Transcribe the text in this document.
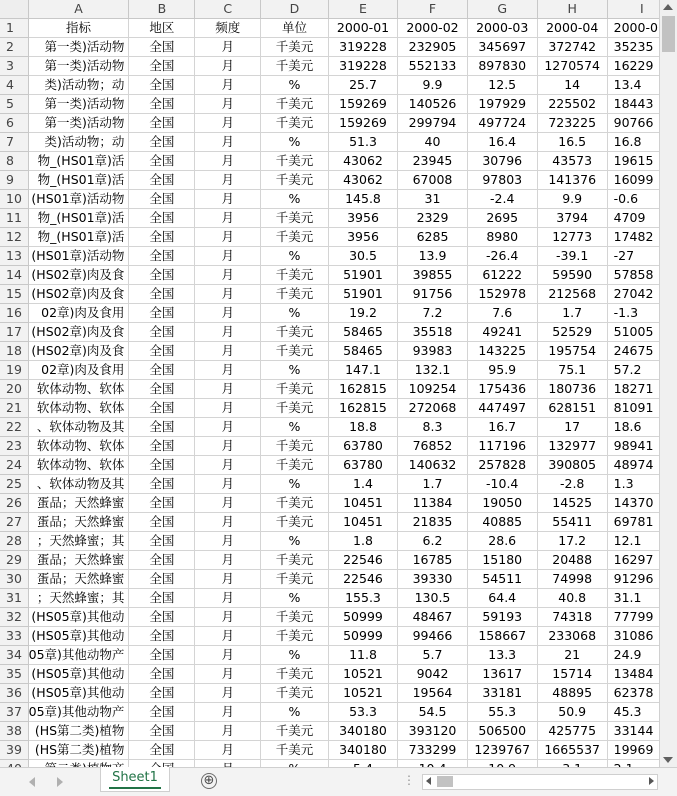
	A	B	C	D	E	F	G	H	I
1	指标	地区	频度	单位	2000-01	2000-02	2000-03	2000-04	2000-0
2	第一类)活动物	全国	月	千美元	319228	232905	345697	372742	35235
3	第一类)活动物	全国	月	千美元	319228	552133	897830	1270574	16229
4	类)活动物；动	全国	月	%	25.7	9.9	12.5	14	13.4
5	第一类)活动物	全国	月	千美元	159269	140526	197929	225502	18443
6	第一类)活动物	全国	月	千美元	159269	299794	497724	723225	90766
7	类)活动物；动	全国	月	%	51.3	40	16.4	16.5	16.8
8	物_(HS01章)活	全国	月	千美元	43062	23945	30796	43573	19615
9	物_(HS01章)活	全国	月	千美元	43062	67008	97803	141376	16099
10	(HS01章)活动物	全国	月	%	145.8	31	-2.4	9.9	-0.6
11	物_(HS01章)活	全国	月	千美元	3956	2329	2695	3794	4709
12	物_(HS01章)活	全国	月	千美元	3956	6285	8980	12773	17482
13	(HS01章)活动物	全国	月	%	30.5	13.9	-26.4	-39.1	-27
14	(HS02章)肉及食	全国	月	千美元	51901	39855	61222	59590	57858
15	(HS02章)肉及食	全国	月	千美元	51901	91756	152978	212568	27042
16	02章)肉及食用	全国	月	%	19.2	7.2	7.6	1.7	-1.3
17	(HS02章)肉及食	全国	月	千美元	58465	35518	49241	52529	51005
18	(HS02章)肉及食	全国	月	千美元	58465	93983	143225	195754	24675
19	02章)肉及食用	全国	月	%	147.1	132.1	95.9	75.1	57.2
20	软体动物、软体	全国	月	千美元	162815	109254	175436	180736	18271
21	软体动物、软体	全国	月	千美元	162815	272068	447497	628151	81091
22	、软体动物及其	全国	月	%	18.8	8.3	16.7	17	18.6
23	软体动物、软体	全国	月	千美元	63780	76852	117196	132977	98941
24	软体动物、软体	全国	月	千美元	63780	140632	257828	390805	48974
25	、软体动物及其	全国	月	%	1.4	1.7	-10.4	-2.8	1.3
26	蛋品；天然蜂蜜	全国	月	千美元	10451	11384	19050	14525	14370
27	蛋品；天然蜂蜜	全国	月	千美元	10451	21835	40885	55411	69781
28	；天然蜂蜜；其	全国	月	%	1.8	6.2	28.6	17.2	12.1
29	蛋品；天然蜂蜜	全国	月	千美元	22546	16785	15180	20488	16297
30	蛋品；天然蜂蜜	全国	月	千美元	22546	39330	54511	74998	91296
31	；天然蜂蜜；其	全国	月	%	155.3	130.5	64.4	40.8	31.1
32	(HS05章)其他动	全国	月	千美元	50999	48467	59193	74318	77799
33	(HS05章)其他动	全国	月	千美元	50999	99466	158667	233068	31086
34	05章)其他动物产	全国	月	%	11.8	5.7	13.3	21	24.9
35	(HS05章)其他动	全国	月	千美元	10521	9042	13617	15714	13484
36	(HS05章)其他动	全国	月	千美元	10521	19564	33181	48895	62378
37	05章)其他动物产	全国	月	%	53.3	54.5	55.3	50.9	45.3
38	(HS第二类)植物	全国	月	千美元	340180	393120	506500	425775	33144
39	(HS第二类)植物	全国	月	千美元	340180	733299	1239767	1665537	19969

Sheet1	⊕	⋮
